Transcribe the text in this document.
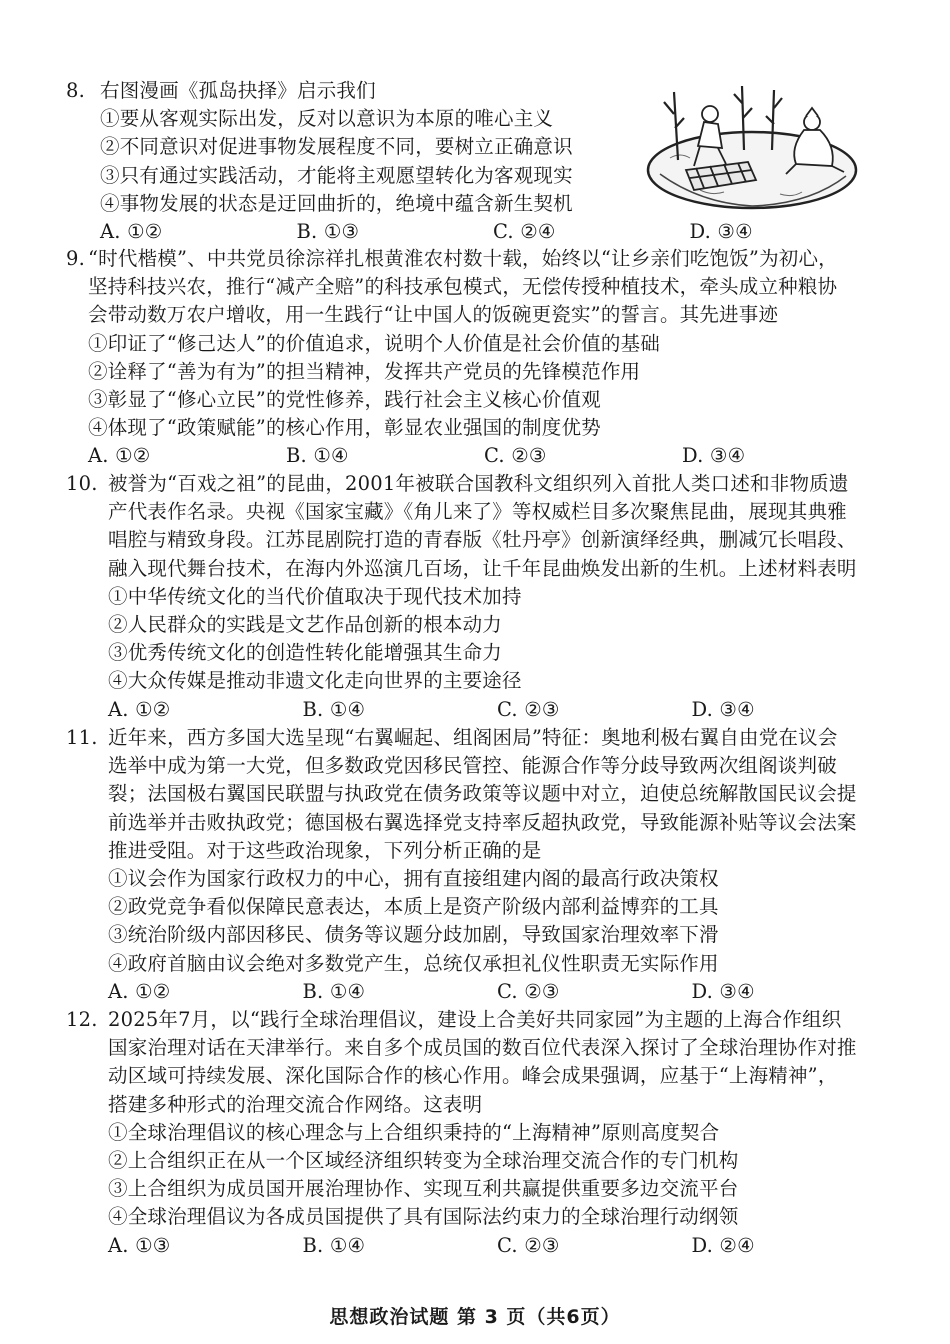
8. 右图漫画《孤岛抉择》启示我们
①要从客观实际出发，反对以意识为本原的唯心主义
②不同意识对促进事物发展程度不同，要树立正确意识
③只有通过实践活动，才能将主观愿望转化为客观现实
④事物发展的状态是迂回曲折的，绝境中蕴含新生契机
A. ①②	B. ①③	C. ②④	D. ③④
9. “时代楷模”、中共党员徐淙祥扎根黄淮农村数十载，始终以“让乡亲们吃饱饭”为初心，
坚持科技兴农，推行“减产全赔”的科技承包模式，无偿传授种植技术，牵头成立种粮协
会带动数万农户增收，用一生践行“让中国人的饭碗更瓷实”的誓言。其先进事迹
①印证了“修己达人”的价值追求，说明个人价值是社会价值的基础
②诠释了“善为有为”的担当精神，发挥共产党员的先锋模范作用
③彰显了“修心立民”的党性修养，践行社会主义核心价值观
④体现了“政策赋能”的核心作用，彰显农业强国的制度优势
A. ①②	B. ①④	C. ②③	D. ③④
10. 被誉为“百戏之祖”的昆曲，2001年被联合国教科文组织列入首批人类口述和非物质遗
产代表作名录。央视《国家宝藏》《角儿来了》等权威栏目多次聚焦昆曲，展现其典雅
唱腔与精致身段。江苏昆剧院打造的青春版《牡丹亭》创新演绎经典，删减冗长唱段、
融入现代舞台技术，在海内外巡演几百场，让千年昆曲焕发出新的生机。上述材料表明
①中华传统文化的当代价值取决于现代技术加持
②人民群众的实践是文艺作品创新的根本动力
③优秀传统文化的创造性转化能增强其生命力
④大众传媒是推动非遗文化走向世界的主要途径
A. ①②	B. ①④	C. ②③	D. ③④
11. 近年来，西方多国大选呈现“右翼崛起、组阁困局”特征：奥地利极右翼自由党在议会
选举中成为第一大党，但多数政党因移民管控、能源合作等分歧导致两次组阁谈判破
裂；法国极右翼国民联盟与执政党在债务政策等议题中对立，迫使总统解散国民议会提
前选举并击败执政党；德国极右翼选择党支持率反超执政党，导致能源补贴等议会法案
推进受阻。对于这些政治现象，下列分析正确的是
①议会作为国家行政权力的中心，拥有直接组建内阁的最高行政决策权
②政党竞争看似保障民意表达，本质上是资产阶级内部利益博弈的工具
③统治阶级内部因移民、债务等议题分歧加剧，导致国家治理效率下滑
④政府首脑由议会绝对多数党产生，总统仅承担礼仪性职责无实际作用
A. ①②	B. ①④	C. ②③	D. ③④
12. 2025年7月，以“践行全球治理倡议，建设上合美好共同家园”为主题的上海合作组织
国家治理对话在天津举行。来自多个成员国的数百位代表深入探讨了全球治理协作对推
动区域可持续发展、深化国际合作的核心作用。峰会成果强调，应基于“上海精神”，
搭建多种形式的治理交流合作网络。这表明
①全球治理倡议的核心理念与上合组织秉持的“上海精神”原则高度契合
②上合组织正在从一个区域经济组织转变为全球治理交流合作的专门机构
③上合组织为成员国开展治理协作、实现互利共赢提供重要多边交流平台
④全球治理倡议为各成员国提供了具有国际法约束力的全球治理行动纲领
A. ①③	B. ①④	C. ②③	D. ②④
思想政治试题 第 3 页（共6页）
